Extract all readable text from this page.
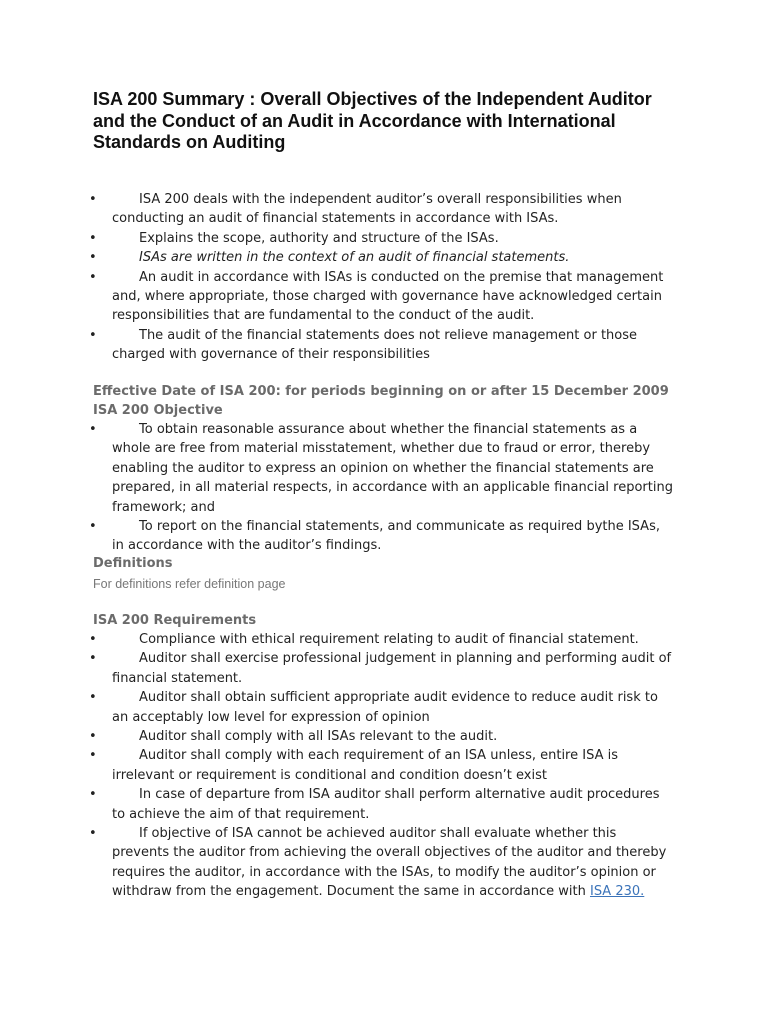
ISA 200 Summary : Overall Objectives of the Independent Auditor and the Conduct of an Audit in Accordance with International Standards on Auditing
•	ISA 200 deals with the independent auditor’s overall responsibilities when conducting an audit of financial statements in accordance with ISAs.
•	Explains the scope, authority and structure of the ISAs.
•	ISAs are written in the context of an audit of financial statements.
•	An audit in accordance with ISAs is conducted on the premise that management and, where appropriate, those charged with governance have acknowledged certain responsibilities that are fundamental to the conduct of the audit.
•	The audit of the financial statements does not relieve management or those charged with governance of their responsibilities
Effective Date of ISA 200: for periods beginning on or after 15 December 2009
ISA 200 Objective
•	To obtain reasonable assurance about whether the financial statements as a whole are free from material misstatement, whether due to fraud or error, thereby enabling the auditor to express an opinion on whether the financial statements are prepared, in all material respects, in accordance with an applicable financial reporting framework; and
•	To report on the financial statements, and communicate as required bythe ISAs, in accordance with the auditor’s findings.
Definitions
For definitions refer definition page
ISA 200 Requirements
•	Compliance with ethical requirement relating to audit of financial statement.
•	Auditor shall exercise professional judgement in planning and performing audit of financial statement.
•	Auditor shall obtain sufficient appropriate audit evidence to reduce audit risk to an acceptably low level for expression of opinion
•	Auditor shall comply with all ISAs relevant to the audit.
•	Auditor shall comply with each requirement of an ISA unless, entire ISA is irrelevant or requirement is conditional and condition doesn’t exist
•	In case of departure from ISA auditor shall perform alternative audit procedures to achieve the aim of that requirement.
•	If objective of ISA cannot be achieved auditor shall evaluate whether this prevents the auditor from achieving the overall objectives of the auditor and thereby requires the auditor, in accordance with the ISAs, to modify the auditor’s opinion or withdraw from the engagement. Document the same in accordance with ISA 230.
